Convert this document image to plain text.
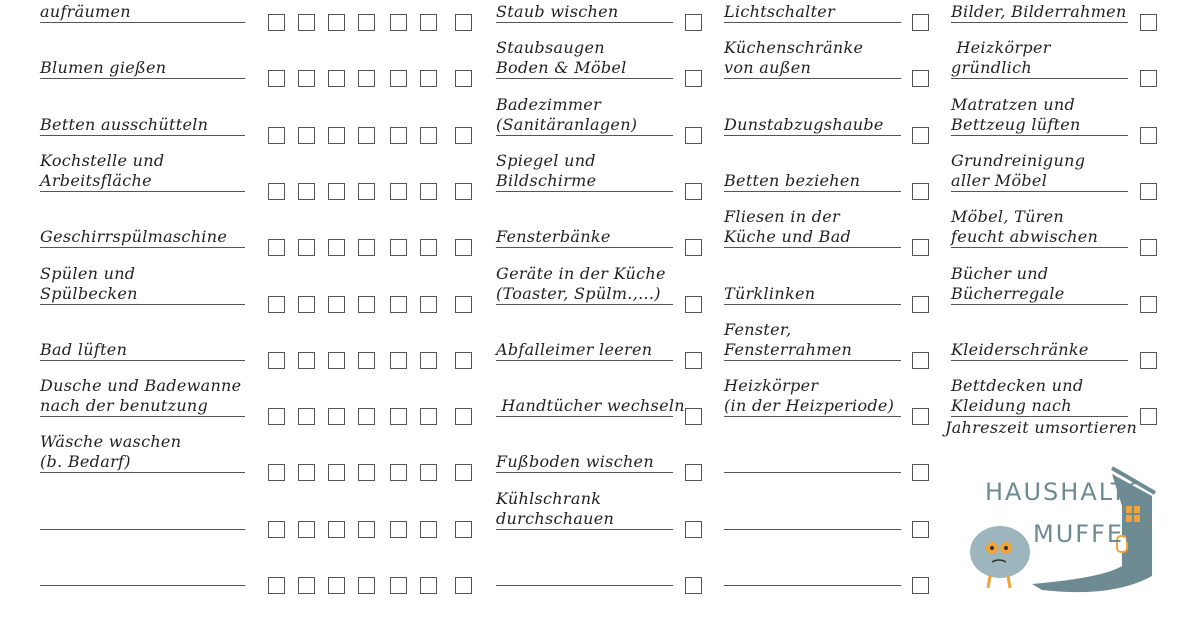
aufräumen
Blumen gießen
Betten ausschütteln
Kochstelle und
Arbeitsfläche
Geschirrspülmaschine
Spülen und
Spülbecken
Bad lüften
Dusche und Badewanne
nach der benutzung
Wäsche waschen
(b. Bedarf)
Staub wischen
Staubsaugen
Boden & Möbel
Badezimmer
(Sanitäranlagen)
Spiegel und
Bildschirme
Fensterbänke
Geräte in der Küche
(Toaster, Spülm.,...)
Abfalleimer leeren
Handtücher wechseln
Fußboden wischen
Kühlschrank
durchschauen
Lichtschalter
Küchenschränke
von außen
Dunstabzugshaube
Betten beziehen
Fliesen in der
Küche und Bad
Türklinken
Fenster,
Fensterrahmen
Heizkörper
(in der Heizperiode)
Bilder, Bilderrahmen
Heizkörper
gründlich
Matratzen und
Bettzeug lüften
Grundreinigung
aller Möbel
Möbel, Türen
feucht abwischen
Bücher und
Bücherregale
Kleiderschränke
Bettdecken und
Kleidung nach
Jahreszeit umsortieren
HAUSHALTS
MUFFEL
